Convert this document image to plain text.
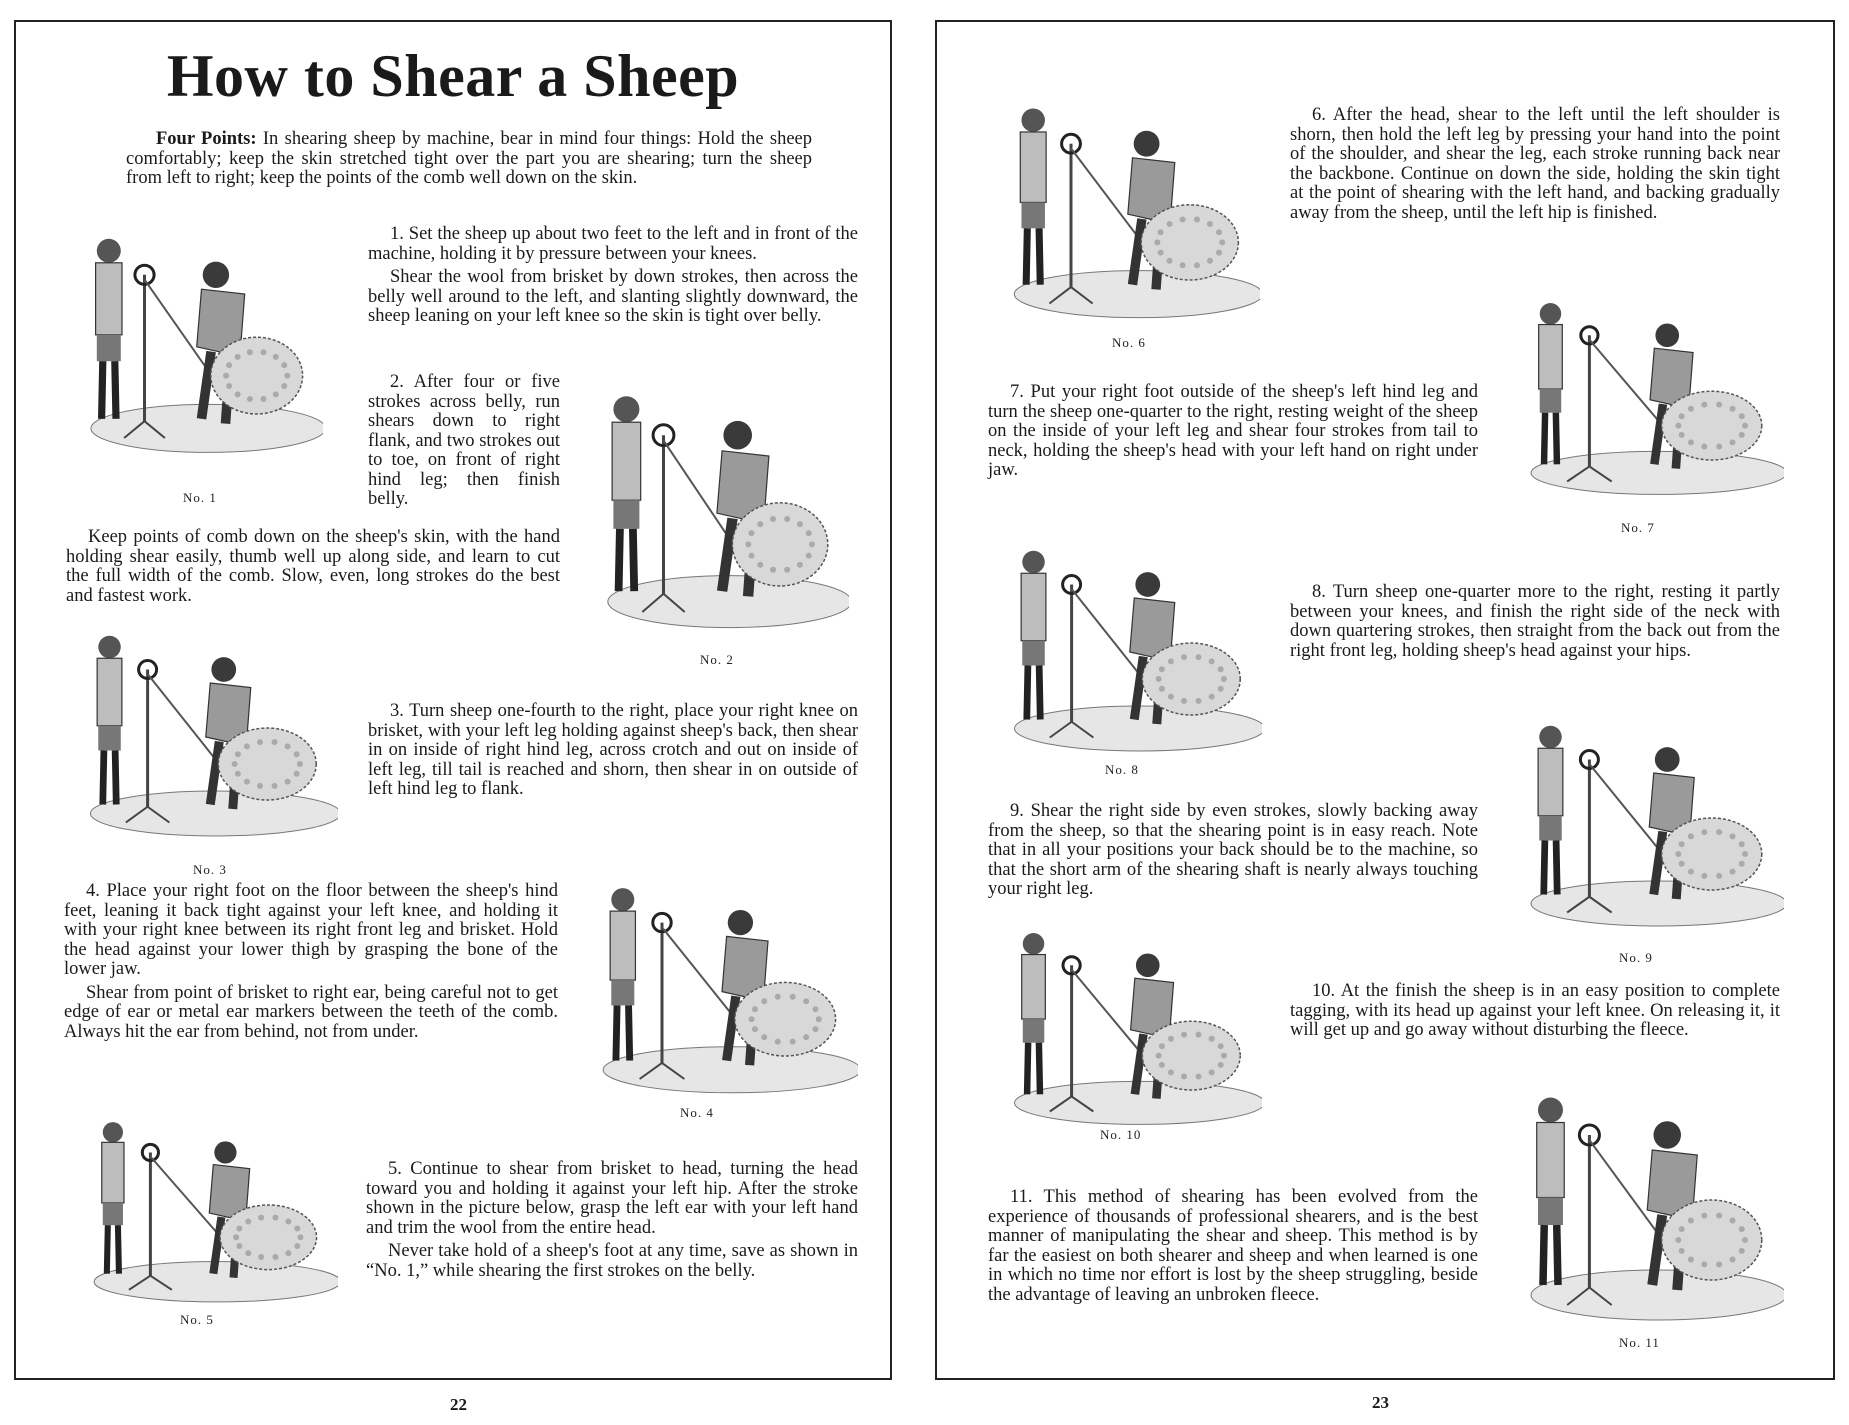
How to Shear a Sheep

Four Points: In shearing sheep by machine, bear in mind four things: Hold the sheep comfortably; keep the skin stretched tight over the part you are shearing; turn the sheep from left to right; keep the points of the comb well down on the skin.

1. Set the sheep up about two feet to the left and in front of the machine, holding it by pressure between your knees.

Shear the wool from brisket by down strokes, then across the belly well around to the left, and slanting slightly downward, the sheep leaning on your left knee so the skin is tight over belly.

2. After four or five strokes across belly, run shears down to right flank, and two strokes out to toe, on front of right hind leg; then finish belly.

Keep points of comb down on the sheep's skin, with the hand holding shear easily, thumb well up along side, and learn to cut the full width of the comb. Slow, even, long strokes do the best and fastest work.

3. Turn sheep one-fourth to the right, place your right knee on brisket, with your left leg holding against sheep's back, then shear in on inside of right hind leg, across crotch and out on inside of left leg, till tail is reached and shorn, then shear in on outside of left hind leg to flank.

4. Place your right foot on the floor between the sheep's hind feet, leaning it back tight against your left knee, and holding it with your right knee between its right front leg and brisket. Hold the head against your lower thigh by grasping the bone of the lower jaw.

Shear from point of brisket to right ear, being careful not to get edge of ear or metal ear markers between the teeth of the comb. Always hit the ear from behind, not from under.

5. Continue to shear from brisket to head, turning the head toward you and holding it against your left hip. After the stroke shown in the picture below, grasp the left ear with your left hand and trim the wool from the entire head.

Never take hold of a sheep's foot at any time, save as shown in “No. 1,” while shearing the first strokes on the belly.

6. After the head, shear to the left until the left shoulder is shorn, then hold the left leg by pressing your hand into the point of the shoulder, and shear the leg, each stroke running back near the backbone. Continue on down the side, holding the skin tight at the point of shearing with the left hand, and backing gradually away from the sheep, until the left hip is finished.

7. Put your right foot outside of the sheep's left hind leg and turn the sheep one-quarter to the right, resting weight of the sheep on the inside of your left leg and shear four strokes from tail to neck, holding the sheep's head with your left hand on right under jaw.

8. Turn sheep one-quarter more to the right, resting it partly between your knees, and finish the right side of the neck with down quartering strokes, then straight from the back out from the right front leg, holding sheep's head against your hips.

9. Shear the right side by even strokes, slowly backing away from the sheep, so that the shearing point is in easy reach. Note that in all your positions your back should be to the machine, so that the short arm of the shearing shaft is nearly always touching your right leg.

10. At the finish the sheep is in an easy position to complete tagging, with its head up against your left knee. On releasing it, it will get up and go away without disturbing the fleece.

11. This method of shearing has been evolved from the experience of thousands of professional shearers, and is the best manner of manipulating the shear and sheep. This method is by far the easiest on both shearer and sheep and when learned is one in which no time nor effort is lost by the sheep struggling, beside the advantage of leaving an unbroken fleece.

No. 1
No. 2
No. 3
No. 4
No. 5
No. 6
No. 7
No. 8
No. 9
No. 10
No. 11
22	23
